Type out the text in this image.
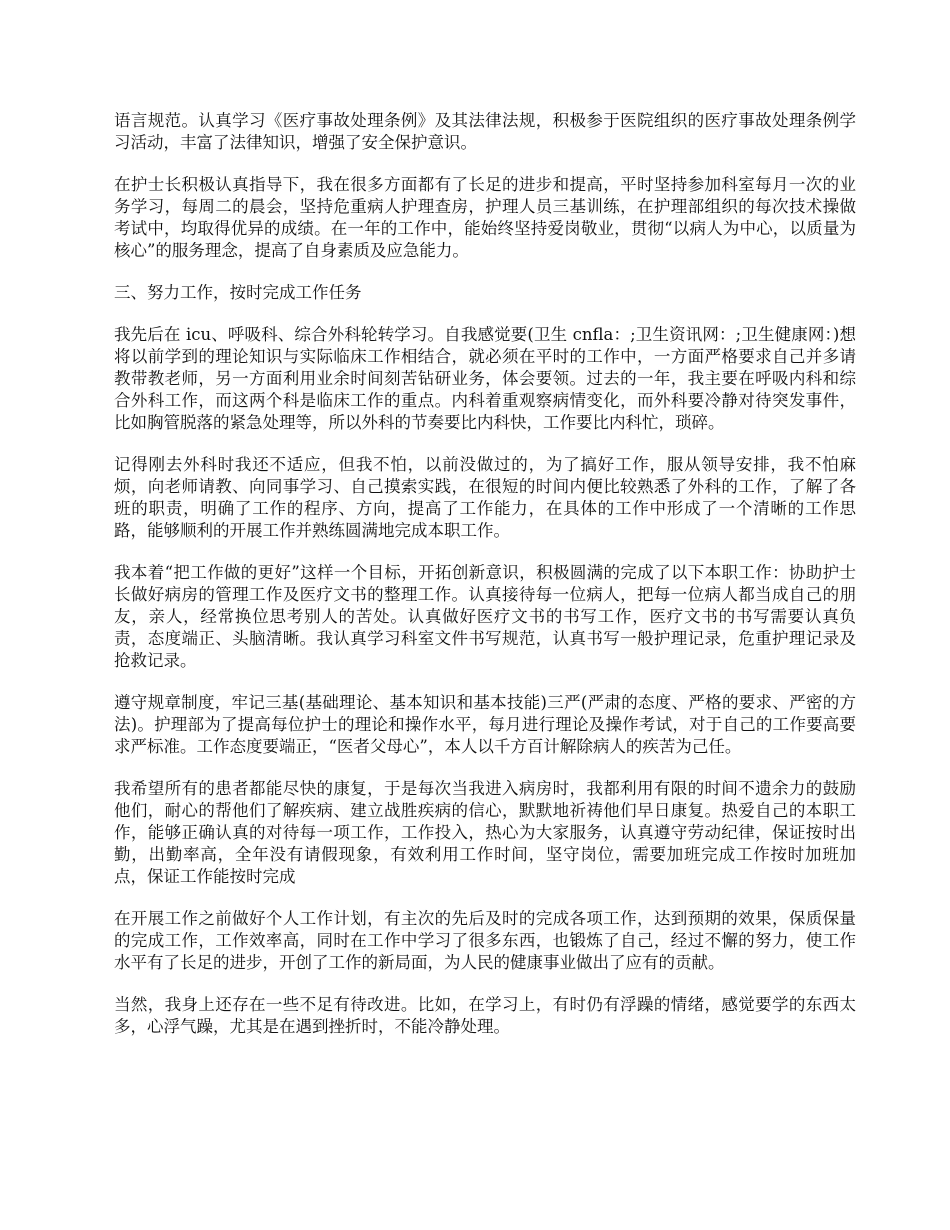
语言规范。认真学习《医疗事故处理条例》及其法律法规，积极参于医院组织的医疗事故处理条例学习活动，丰富了法律知识，增强了安全保护意识。

在护士长积极认真指导下，我在很多方面都有了长足的进步和提高，平时坚持参加科室每月一次的业务学习，每周二的晨会，坚持危重病人护理查房，护理人员三基训练，在护理部组织的每次技术操做考试中，均取得优异的成绩。在一年的工作中，能始终坚持爱岗敬业，贯彻“以病人为中心，以质量为核心”的服务理念，提高了自身素质及应急能力。

三、努力工作，按时完成工作任务

我先后在 icu、呼吸科、综合外科轮转学习。自我感觉要(卫生 cnfla：;卫生资讯网：;卫生健康网：)想将以前学到的理论知识与实际临床工作相结合，就必须在平时的工作中，一方面严格要求自己并多请教带教老师，另一方面利用业余时间刻苦钻研业务，体会要领。过去的一年，我主要在呼吸内科和综合外科工作，而这两个科是临床工作的重点。内科着重观察病情变化，而外科要冷静对待突发事件，比如胸管脱落的紧急处理等，所以外科的节奏要比内科快，工作要比内科忙，琐碎。

记得刚去外科时我还不适应，但我不怕，以前没做过的，为了搞好工作，服从领导安排，我不怕麻烦，向老师请教、向同事学习、自己摸索实践，在很短的时间内便比较熟悉了外科的工作，了解了各班的职责，明确了工作的程序、方向，提高了工作能力，在具体的工作中形成了一个清晰的工作思路，能够顺利的开展工作并熟练圆满地完成本职工作。

我本着“把工作做的更好”这样一个目标，开拓创新意识，积极圆满的完成了以下本职工作：协助护士长做好病房的管理工作及医疗文书的整理工作。认真接待每一位病人，把每一位病人都当成自己的朋友，亲人，经常换位思考别人的苦处。认真做好医疗文书的书写工作，医疗文书的书写需要认真负责，态度端正、头脑清晰。我认真学习科室文件书写规范，认真书写一般护理记录，危重护理记录及抢救记录。

遵守规章制度，牢记三基(基础理论、基本知识和基本技能)三严(严肃的态度、严格的要求、严密的方法)。护理部为了提高每位护士的理论和操作水平，每月进行理论及操作考试，对于自己的工作要高要求严标准。工作态度要端正，“医者父母心”，本人以千方百计解除病人的疾苦为己任。

我希望所有的患者都能尽快的康复，于是每次当我进入病房时，我都利用有限的时间不遗余力的鼓励他们，耐心的帮他们了解疾病、建立战胜疾病的信心，默默地祈祷他们早日康复。热爱自己的本职工作，能够正确认真的对待每一项工作，工作投入，热心为大家服务，认真遵守劳动纪律，保证按时出勤，出勤率高，全年没有请假现象，有效利用工作时间，坚守岗位，需要加班完成工作按时加班加点，保证工作能按时完成

在开展工作之前做好个人工作计划，有主次的先后及时的完成各项工作，达到预期的效果，保质保量的完成工作，工作效率高，同时在工作中学习了很多东西，也锻炼了自己，经过不懈的努力，使工作水平有了长足的进步，开创了工作的新局面，为人民的健康事业做出了应有的贡献。

当然，我身上还存在一些不足有待改进。比如，在学习上，有时仍有浮躁的情绪，感觉要学的东西太多，心浮气躁，尤其是在遇到挫折时，不能冷静处理。
